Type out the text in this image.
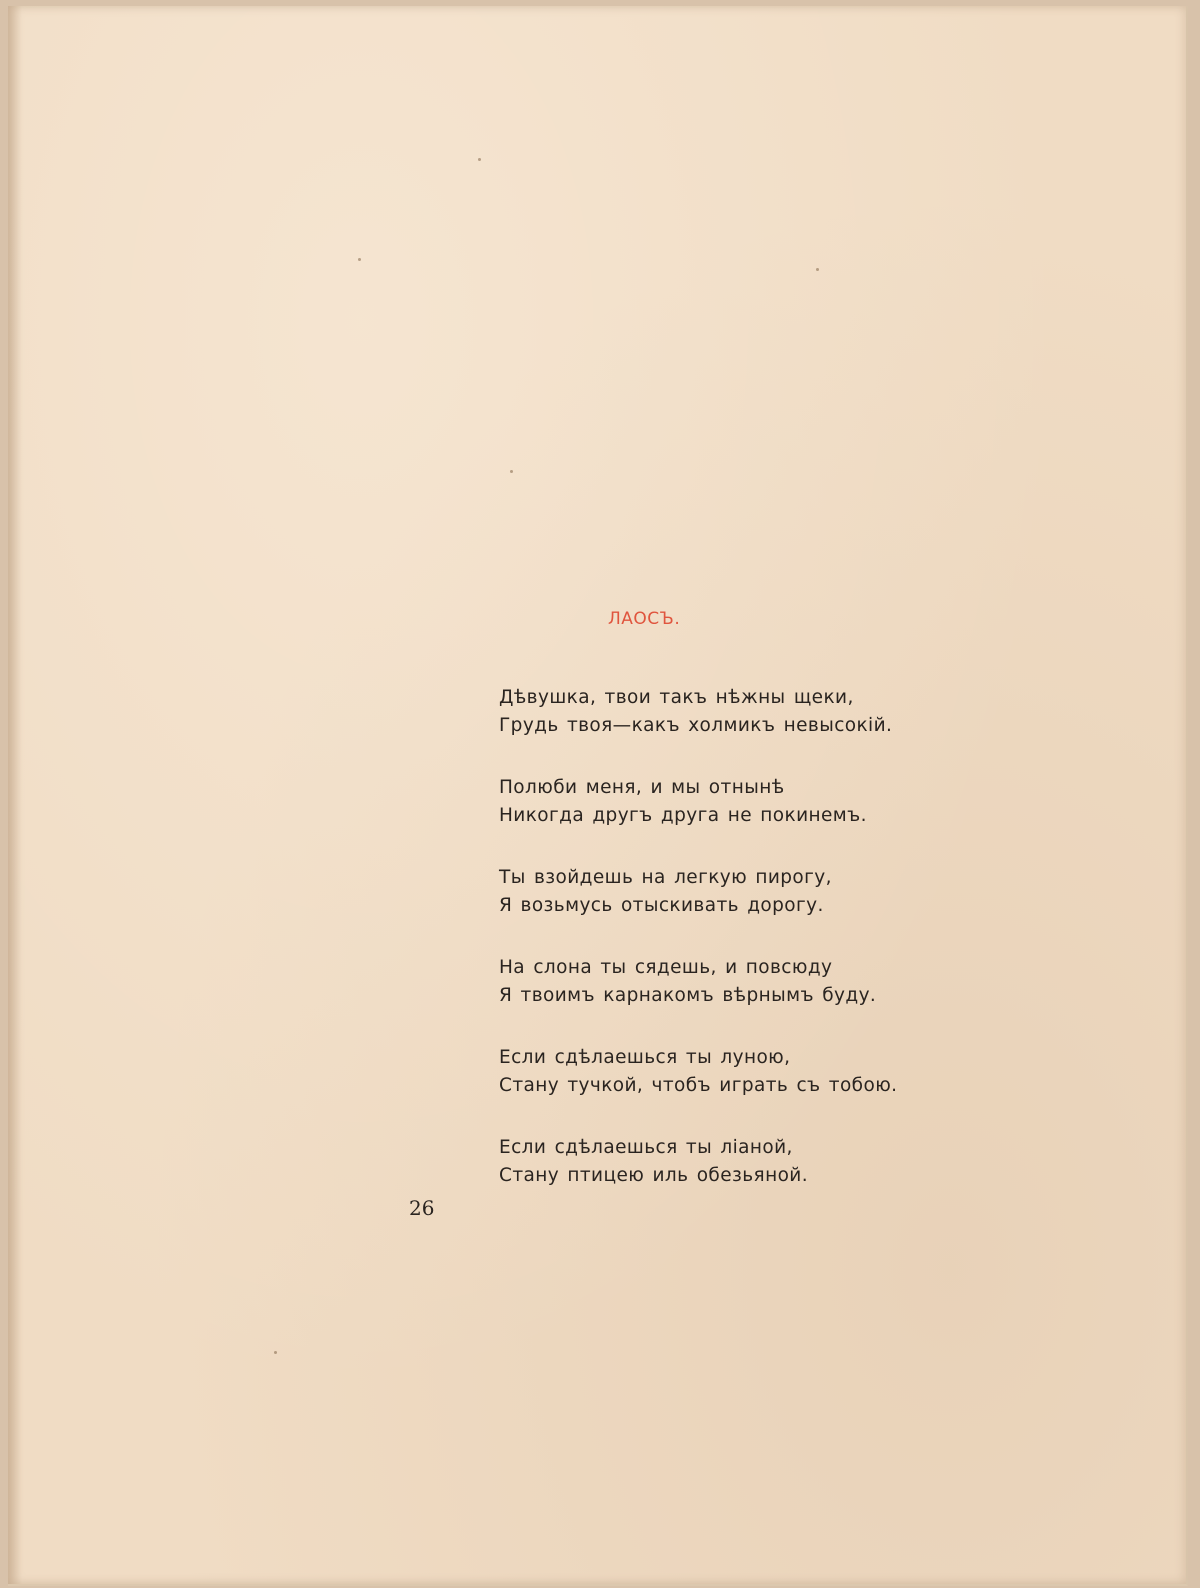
ЛАОСЪ.

Дѣвушка, твои такъ нѣжны щеки,
Грудь твоя—какъ холмикъ невысокій.

Полюби меня, и мы отнынѣ
Никогда другъ друга не покинемъ.

Ты взойдешь на легкую пирогу,
Я возьмусь отыскивать дорогу.

На слона ты сядешь, и повсюду
Я твоимъ карнакомъ вѣрнымъ буду.

Если сдѣлаешься ты луною,
Стану тучкой, чтобъ играть съ тобою.

Если сдѣлаешься ты ліаной,
Стану птицею иль обезьяной.

26
